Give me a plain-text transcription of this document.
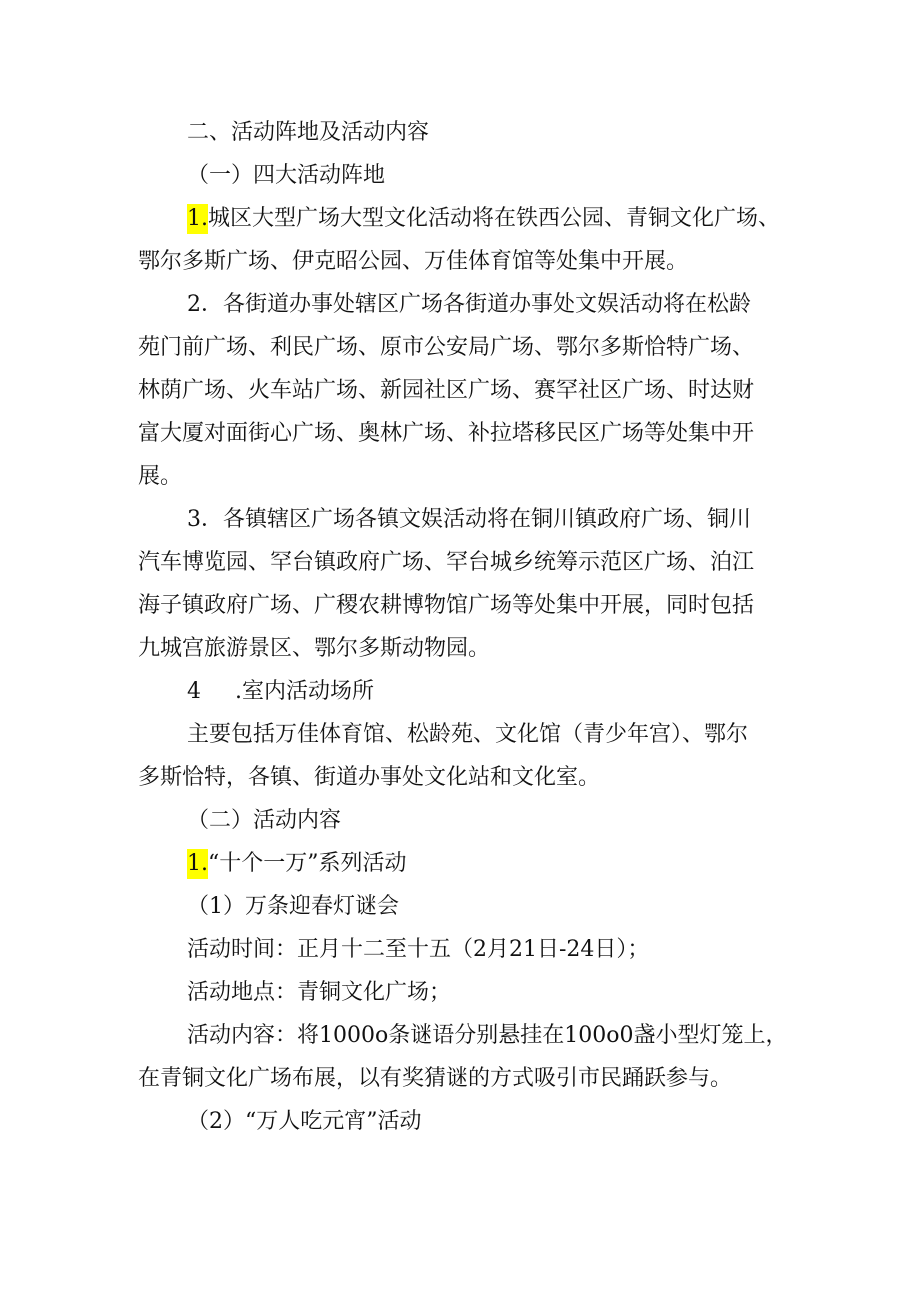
二、活动阵地及活动内容
（一）四大活动阵地
1.城区大型广场大型文化活动将在铁西公园、青铜文化广场、
鄂尔多斯广场、伊克昭公园、万佳体育馆等处集中开展。
2．各街道办事处辖区广场各街道办事处文娱活动将在松龄
苑门前广场、利民广场、原市公安局广场、鄂尔多斯恰特广场、
林荫广场、火车站广场、新园社区广场、赛罕社区广场、时达财
富大厦对面街心广场、奥林广场、补拉塔移民区广场等处集中开
展。
3．各镇辖区广场各镇文娱活动将在铜川镇政府广场、铜川
汽车博览园、罕台镇政府广场、罕台城乡统筹示范区广场、泊江
海子镇政府广场、广稷农耕博物馆广场等处集中开展，同时包括
九城宫旅游景区、鄂尔多斯动物园。
4 .室内活动场所
主要包括万佳体育馆、松龄苑、文化馆（青少年宫）、鄂尔
多斯恰特，各镇、街道办事处文化站和文化室。
（二）活动内容
1.“十个一万”系列活动
（1）万条迎春灯谜会
活动时间：正月十二至十五（2月21日-24日）；
活动地点：青铜文化广场；
活动内容：将1000o条谜语分别悬挂在100o0盏小型灯笼上，
在青铜文化广场布展，以有奖猜谜的方式吸引市民踊跃参与。
（2）“万人吃元宵”活动
